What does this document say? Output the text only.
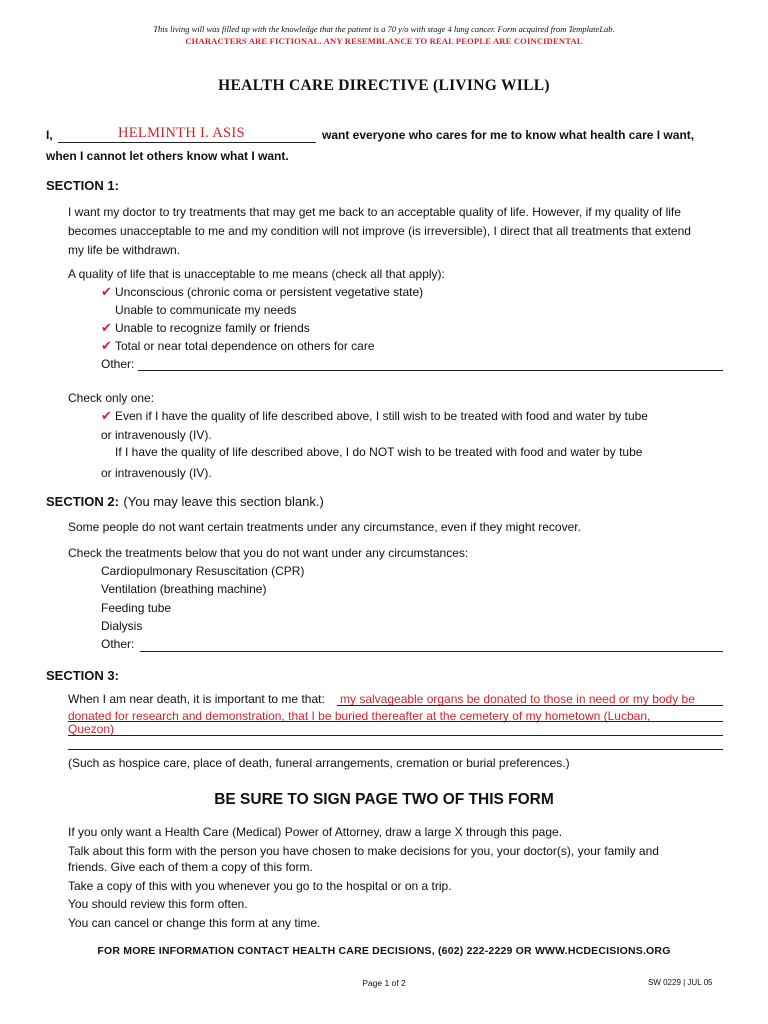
This living will was filled up with the knowledge that the patient is a 70 y/o with stage 4 lung cancer. Form acquired from TemplateLab.
CHARACTERS ARE FICTIONAL. ANY RESEMBLANCE TO REAL PEOPLE ARE COINCIDENTAL
HEALTH CARE DIRECTIVE (LIVING WILL)
I,	HELMINTH I. ASIS	want everyone who cares for me to know what health care I want,
when I cannot let others know what I want.
SECTION 1:
I want my doctor to try treatments that may get me back to an acceptable quality of life. However, if my quality of life
becomes unacceptable to me and my condition will not improve (is irreversible), I direct that all treatments that extend
my life be withdrawn.
A quality of life that is unacceptable to me means (check all that apply):
✔ Unconscious (chronic coma or persistent vegetative state)
Unable to communicate my needs
✔ Unable to recognize family or friends
✔ Total or near total dependence on others for care
Other:
Check only one:
✔ Even if I have the quality of life described above, I still wish to be treated with food and water by tube
or intravenously (IV).
If I have the quality of life described above, I do NOT wish to be treated with food and water by tube
or intravenously (IV).
SECTION 2: (You may leave this section blank.)
Some people do not want certain treatments under any circumstance, even if they might recover.
Check the treatments below that you do not want under any circumstances:
Cardiopulmonary Resuscitation (CPR)
Ventilation (breathing machine)
Feeding tube
Dialysis
Other:
SECTION 3:
When I am near death, it is important to me that: my salvageable organs be donated to those in need or my body be
donated for research and demonstration, that I be buried thereafter at the cemetery of my hometown (Lucban,
Quezon)
(Such as hospice care, place of death, funeral arrangements, cremation or burial preferences.)
BE SURE TO SIGN PAGE TWO OF THIS FORM
If you only want a Health Care (Medical) Power of Attorney, draw a large X through this page.
Talk about this form with the person you have chosen to make decisions for you, your doctor(s), your family and
friends. Give each of them a copy of this form.
Take a copy of this with you whenever you go to the hospital or on a trip.
You should review this form often.
You can cancel or change this form at any time.
FOR MORE INFORMATION CONTACT HEALTH CARE DECISIONS, (602) 222-2229 OR WWW.HCDECISIONS.ORG
Page 1 of 2	SW 0229 | JUL 05
